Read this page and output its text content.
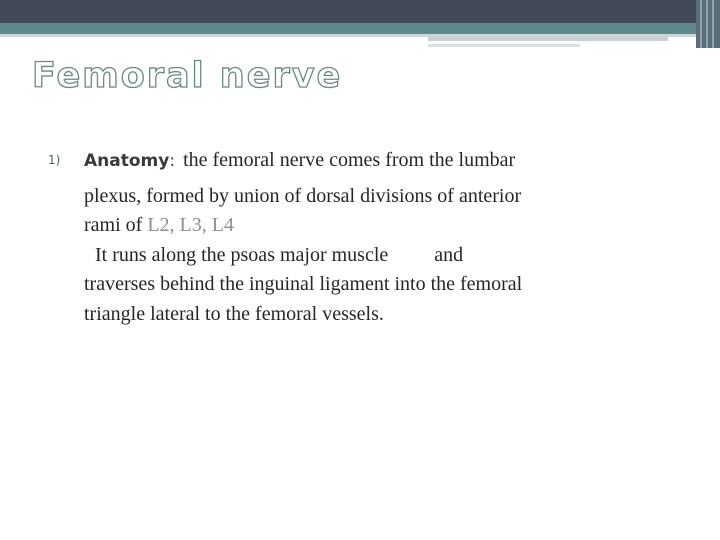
Femoral nerve
1) Anatomy: the femoral nerve comes from the lumbar
plexus, formed by union of dorsal divisions of anterior
rami of L2, L3, L4
It runs along the psoas major muscle and
traverses behind the inguinal ligament into the femoral
triangle lateral to the femoral vessels.
